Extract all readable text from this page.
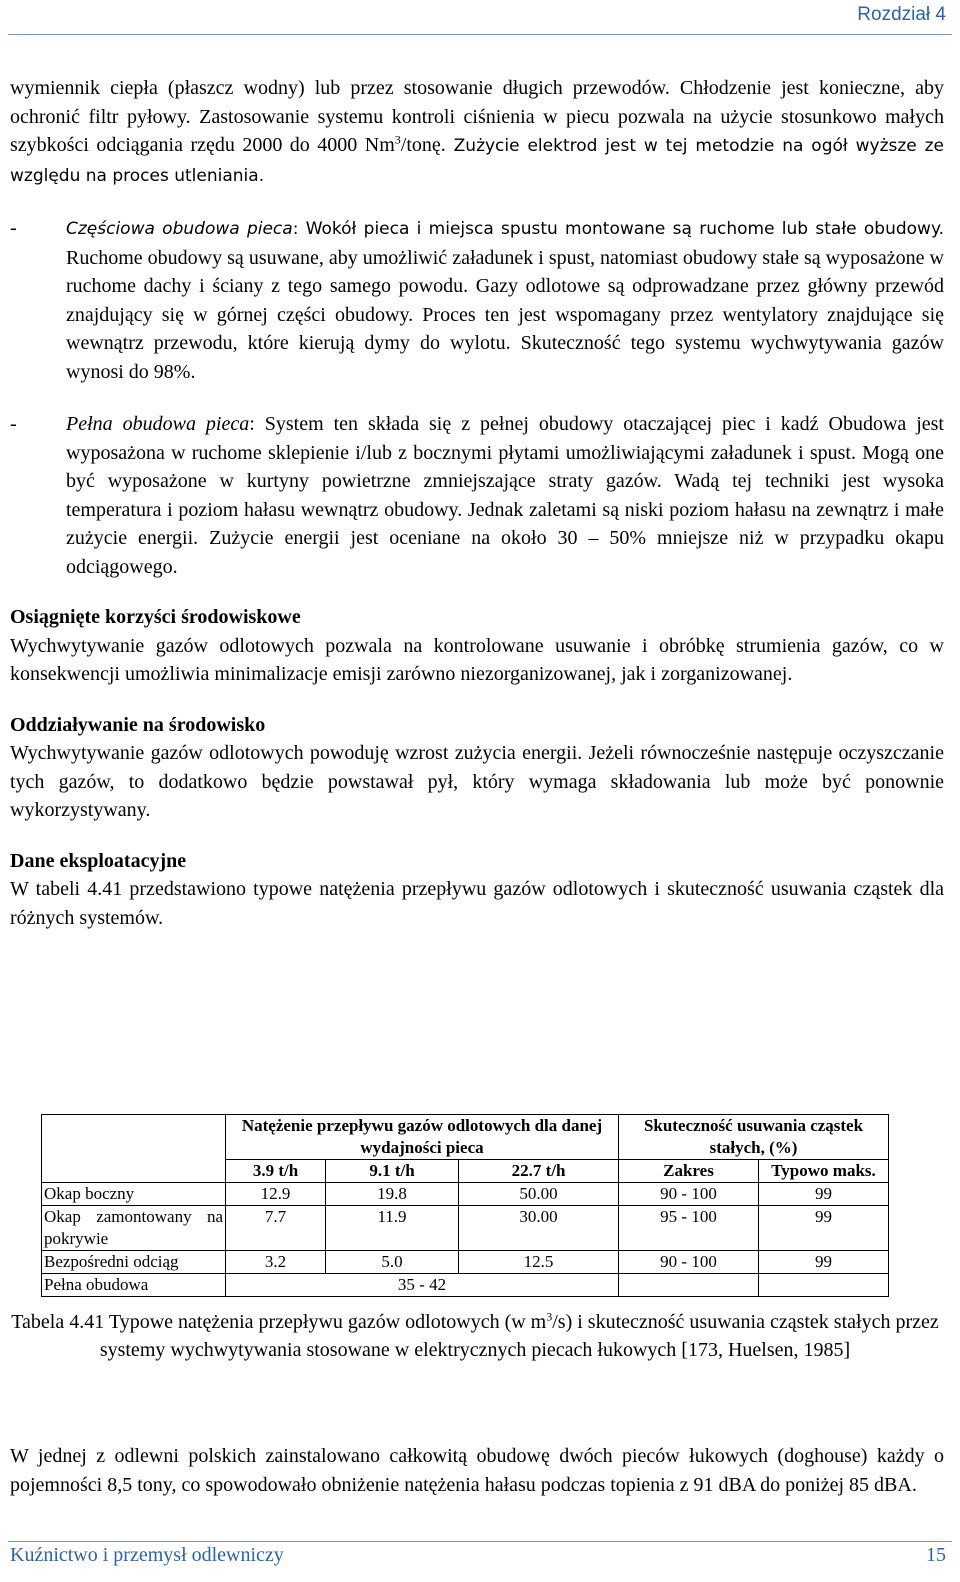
Rozdział 4

wymiennik ciepła (płaszcz wodny) lub przez stosowanie długich przewodów. Chłodzenie jest konieczne, aby ochronić filtr pyłowy. Zastosowanie systemu kontroli ciśnienia w piecu pozwala na użycie stosunkowo małych szybkości odciągania rzędu 2000 do 4000 Nm$^3$/tonę. Zużycie elektrod jest w tej metodzie na ogół wyższe ze względu na proces utleniania.

-	Częściowa obudowa pieca: Wokół pieca i miejsca spustu montowane są ruchome lub stałe obudowy. Ruchome obudowy są usuwane, aby umożliwić załadunek i spust, natomiast obudowy stałe są wyposażone w ruchome dachy i ściany z tego samego powodu. Gazy odlotowe są odprowadzane przez główny przewód znajdujący się w górnej części obudowy. Proces ten jest wspomagany przez wentylatory znajdujące się wewnątrz przewodu, które kierują dymy do wylotu. Skuteczność tego systemu wychwytywania gazów wynosi do 98%.

- Pełna obudowa pieca: System ten składa się z pełnej obudowy otaczającej piec i kadź Obudowa jest wyposażona w ruchome sklepienie i/lub z bocznymi płytami umożliwiającymi załadunek i spust. Mogą one być wyposażone w kurtyny powietrzne zmniejszające straty gazów. Wadą tej techniki jest wysoka temperatura i poziom hałasu wewnątrz obudowy. Jednak zaletami są niski poziom hałasu na zewnątrz i małe zużycie energii. Zużycie energii jest oceniane na około 30 – 50% mniejsze niż w przypadku okapu odciągowego.

Osiągnięte korzyści środowiskowe

Wychwytywanie gazów odlotowych pozwala na kontrolowane usuwanie i obróbkę strumienia gazów, co w konsekwencji umożliwia minimalizacje emisji zarówno niezorganizowanej, jak i zorganizowanej.

Oddziaływanie na środowisko

Wychwytywanie gazów odlotowych powoduję wzrost zużycia energii. Jeżeli równocześnie następuje oczyszczanie tych gazów, to dodatkowo będzie powstawał pył, który wymaga składowania lub może być ponownie wykorzystywany.

Dane eksploatacyjne

W tabeli 4.41 przedstawiono typowe natężenia przepływu gazów odlotowych i skuteczność usuwania cząstek dla różnych systemów.

	Natężenie przepływu gazów odlotowych dla danej wydajności pieca			Skuteczność usuwania cząstek stałych, (%)	
	3.9 t/h	9.1 t/h	22.7 t/h	Zakres	Typowo maks.
Okap boczny	12.9	19.8	50.00	90 - 100	99
Okap zamontowany na pokrywie	7.7	11.9	30.00	95 - 100	99
Bezpośredni odciąg	3.2	5.0	12.5	90 - 100	99
Pełna obudowa	35 - 42				
Tabela 4.41 Typowe natężenia przepływu gazów odlotowych (w $m^3/s$) i skuteczność usuwania cząstek stałych przez systemy wychwytywania stosowane w elektrycznych piecach łukowych [173, Huelsen, 1985]

W jednej z odlewni polskich zainstalowano całkowitą obudowę dwóch pieców łukowych (doghouse) każdy o pojemności 8,5 tony, co spowodowało obniżenie natężenia hałasu podczas topienia z 91 dBA do poniżej 85 dBA.

Kuźnictwo i przemysł odlewniczy	15
